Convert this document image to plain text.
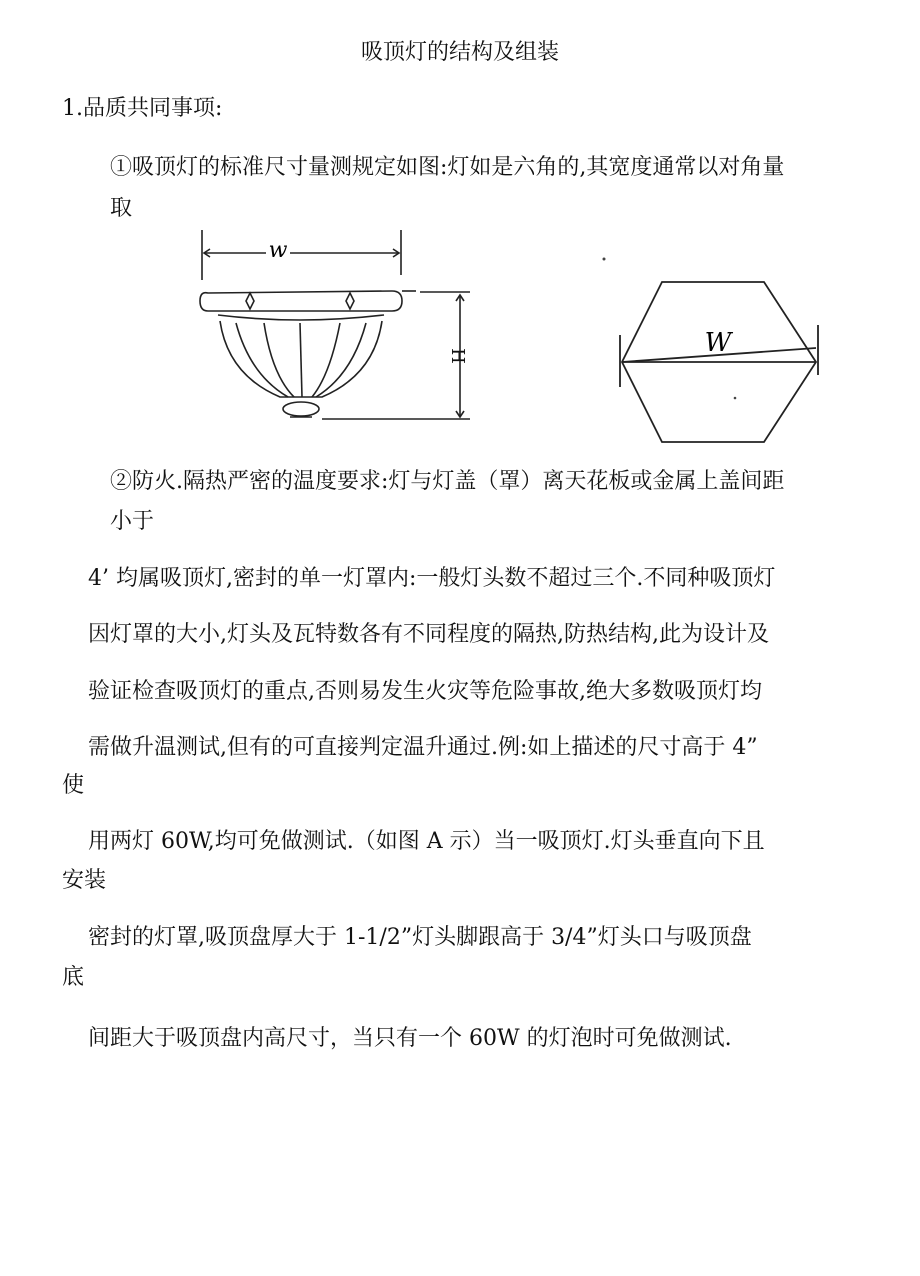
吸顶灯的结构及组装
1.品质共同事项:
①吸顶灯的标准尺寸量测规定如图:灯如是六角的,其宽度通常以对角量
取
w
H	W
②防火.隔热严密的温度要求:灯与灯盖（罩）离天花板或金属上盖间距
小于
4’ 均属吸顶灯,密封的单一灯罩内:一般灯头数不超过三个.不同种吸顶灯
因灯罩的大小,灯头及瓦特数各有不同程度的隔热,防热结构,此为设计及
验证检查吸顶灯的重点,否则易发生火灾等危险事故,绝大多数吸顶灯均
需做升温测试,但有的可直接判定温升通过.例:如上描述的尺寸高于 4”
使
用两灯 60W,均可免做测试.（如图 A 示）当一吸顶灯.灯头垂直向下且
安装
密封的灯罩,吸顶盘厚大于 1-1/2”灯头脚跟高于 3/4”灯头口与吸顶盘
底
间距大于吸顶盘内高尺寸，当只有一个 60W 的灯泡时可免做测试.
